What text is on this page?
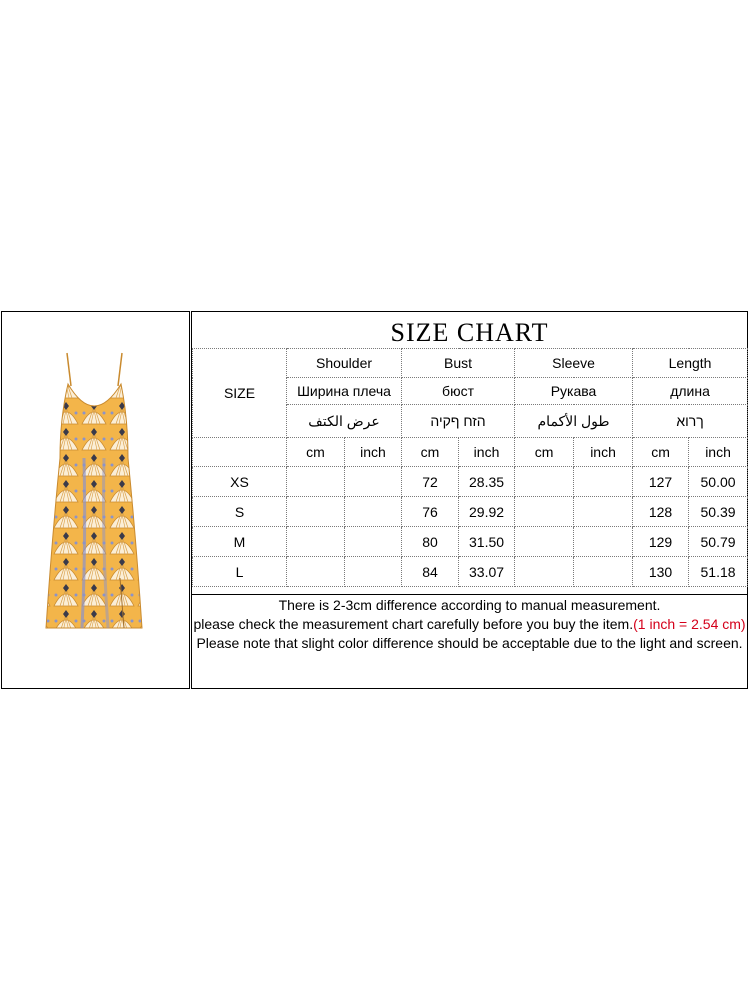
SIZE CHART
SIZE	Shoulder		Bust		Sleeve		Length	
	Ширина плеча		бюст		Рукава		длина	
	عرض الكتف		הזח ףקיה		طول الأكمام		ךרוא	
	cm	inch	cm	inch	cm	inch	cm	inch
XS			72	28.35			127	50.00
S			76	29.92			128	50.39
M			80	31.50			129	50.79
L			84	33.07			130	51.18
There is 2-3cm difference according to manual measurement.
please check the measurement chart carefully before you buy the item.(1 inch = 2.54 cm)
Please note that slight color difference should be acceptable due to the light and screen.
